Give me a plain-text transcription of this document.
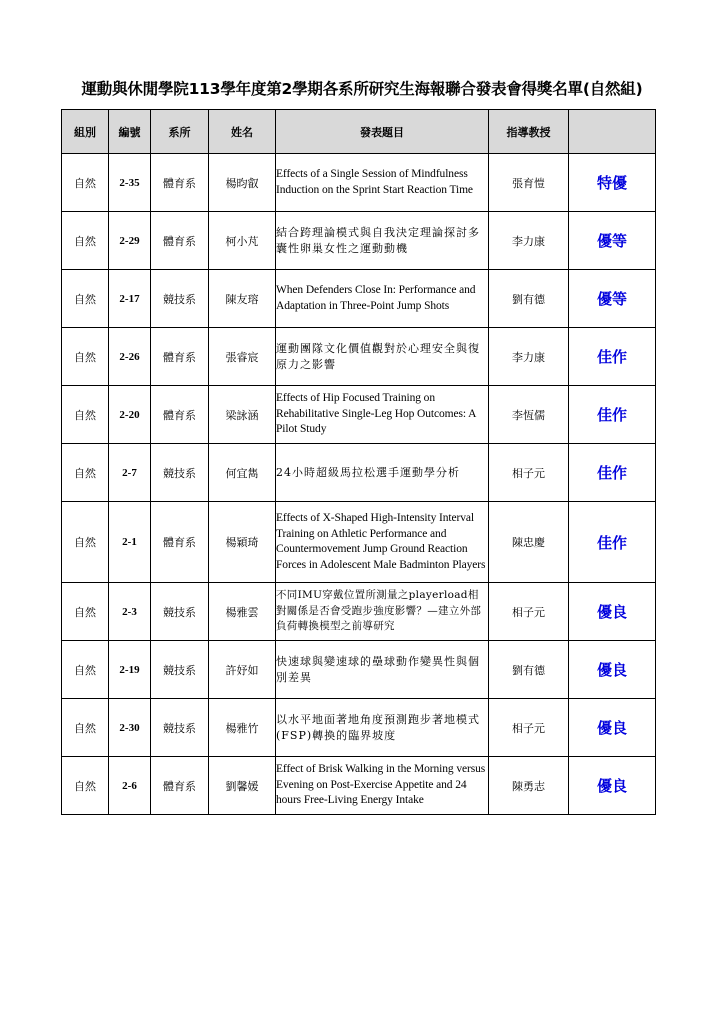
運動與休閒學院113學年度第2學期各系所研究生海報聯合發表會得獎名單(自然組)
組別	編號	系所	姓名	發表題目	指導教授	
自然	2-35	體育系	楊昀叡	Effects of a Single Session of Mindfulness Induction on the Sprint Start Reaction Time	張育愷	特優
自然	2-29	體育系	柯小芃	結合跨理論模式與自我決定理論探討多囊性卵巢女性之運動動機	李力康	優等
自然	2-17	競技系	陳友瑢	When Defenders Close In: Performance and Adaptation in Three-Point Jump Shots	劉有德	優等
自然	2-26	體育系	張睿宸	運動團隊文化價值觀對於心理安全與復原力之影響	李力康	佳作
自然	2-20	體育系	梁詠涵	Effects of Hip Focused Training on Rehabilitative Single-Leg Hop Outcomes: A Pilot Study	李恆儒	佳作
自然	2-7	競技系	何宜雋	24小時超級馬拉松選手運動學分析	相子元	佳作
自然	2-1	體育系	楊穎琦	Effects of X-Shaped High-Intensity Interval Training on Athletic Performance and Countermovement Jump Ground Reaction Forces in Adolescent Male Badminton Players	陳忠慶	佳作
自然	2-3	競技系	楊雅雲	不同IMU穿戴位置所測量之playerload相對關係是否會受跑步強度影響？—建立外部負荷轉換模型之前導研究	相子元	優良
自然	2-19	競技系	許妤如	快速球與變速球的壘球動作變異性與個別差異	劉有德	優良
自然	2-30	競技系	楊雅竹	以水平地面著地角度預測跑步著地模式(FSP)轉換的臨界坡度	相子元	優良
自然	2-6	體育系	劉馨媛	Effect of Brisk Walking in the Morning versus Evening on Post-Exercise Appetite and 24 hours Free-Living Energy Intake	陳勇志	優良
